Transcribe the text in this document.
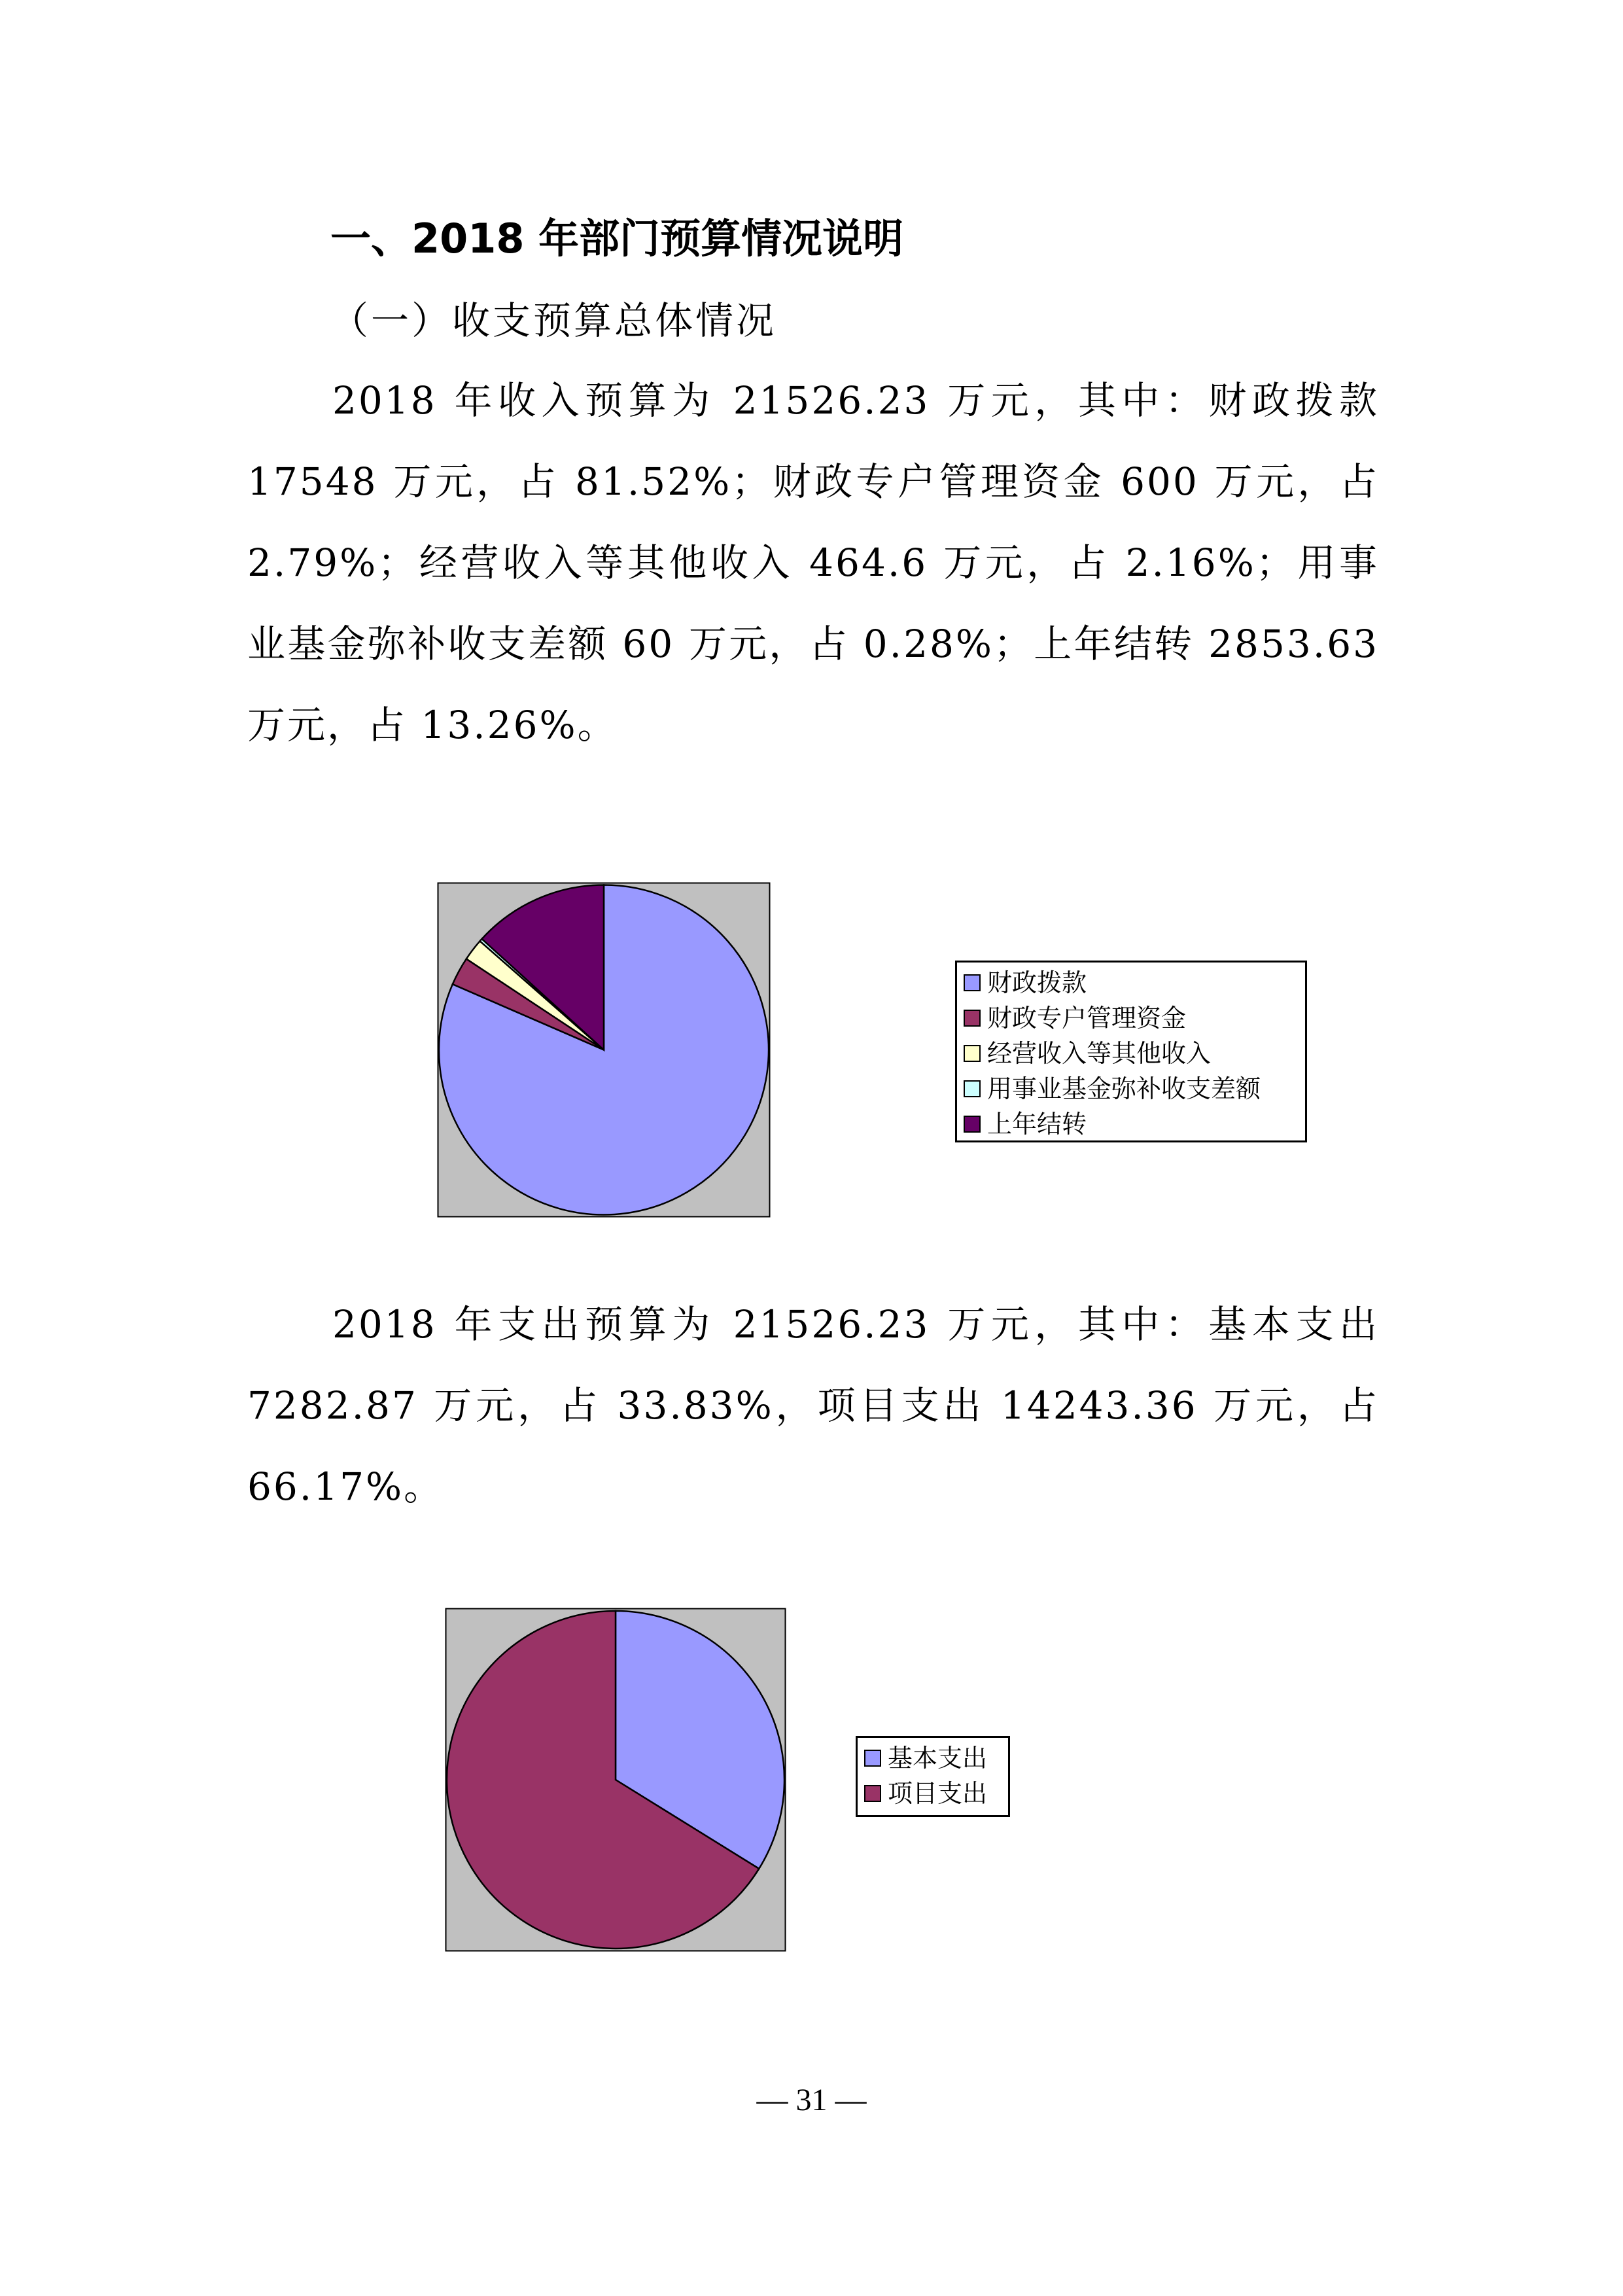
一、2018 年部门预算情况说明
（一）收支预算总体情况

2018 年收入预算为 21526.23 万元，其中：财政拨款 17548 万元，占 81.52%；财政专户管理资金 600 万元，占 2.79%；经营收入等其他收入 464.6 万元，占 2.16%；用事业基金弥补收支差额 60 万元，占 0.28%；上年结转 2853.63 万元，占 13.26%。

财政拨款
财政专户管理资金
经营收入等其他收入
用事业基金弥补收支差额
上年结转

2018 年支出预算为 21526.23 万元，其中：基本支出 7282.87 万元，占 33.83%，项目支出 14243.36 万元，占 66.17%。

基本支出
项目支出
— 31 —
